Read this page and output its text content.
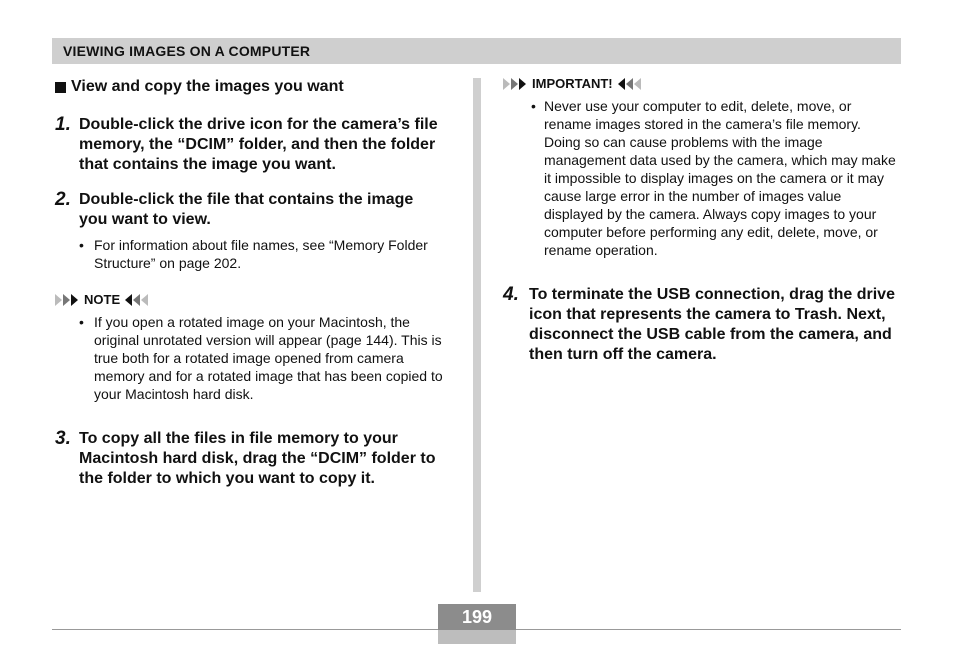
VIEWING IMAGES ON A COMPUTER
View and copy the images you want
1. Double-click the drive icon for the camera’s file memory, the “DCIM” folder, and then the folder that contains the image you want.
2. Double-click the file that contains the image you want to view.
• For information about file names, see “Memory Folder Structure” on page 202.
NOTE
• If you open a rotated image on your Macintosh, the original unrotated version will appear (page 144). This is true both for a rotated image opened from camera memory and for a rotated image that has been copied to your Macintosh hard disk.
3. To copy all the files in file memory to your Macintosh hard disk, drag the “DCIM” folder to the folder to which you want to copy it.
IMPORTANT!
• Never use your computer to edit, delete, move, or rename images stored in the camera’s file memory. Doing so can cause problems with the image management data used by the camera, which may make it impossible to display images on the camera or it may cause large error in the number of images value displayed by the camera. Always copy images to your computer before performing any edit, delete, move, or rename operation.
4. To terminate the USB connection, drag the drive icon that represents the camera to Trash. Next, disconnect the USB cable from the camera, and then turn off the camera.
199
